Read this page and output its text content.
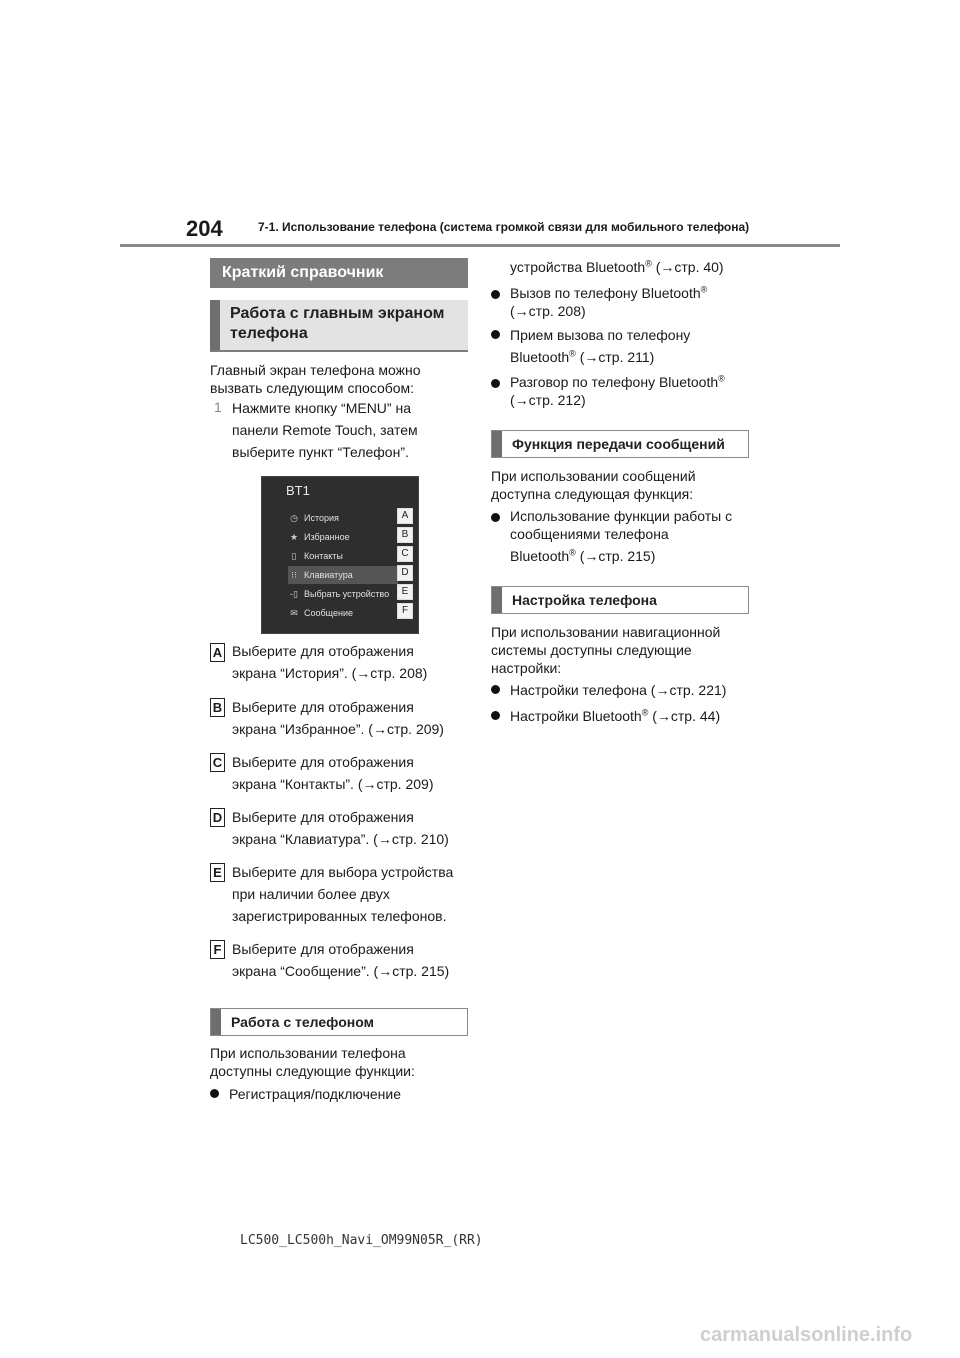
204	7-1. Использование телефона (система громкой связи для мобильного телефона)
Краткий справочник
Работа с главным экраном
телефона
Главный экран телефона можно
вызвать следующим способом:
1 Нажмите кнопку “MENU” на
панели Remote Touch, затем
выберите пункт “Телефон”.
BT1
◷ История
★ Избранное
▯ Контакты
⁝⁝ Клавиатура
-▯ Выбрать устройство
✉ Сообщение
A
B
C
D
E
F
A Выберите для отображения
экрана “История”. (→стр. 208)
B Выберите для отображения
экрана “Избранное”. (→стр. 209)
C Выберите для отображения
экрана “Контакты”. (→стр. 209)
D Выберите для отображения
экрана “Клавиатура”. (→стр. 210)
E Выберите для выбора устройства
при наличии более двух
зарегистрированных телефонов.
F Выберите для отображения
экрана “Сообщение”. (→стр. 215)
Работа с телефоном
При использовании телефона
доступны следующие функции:
Регистрация/подключение
устройства Bluetooth® (→стр. 40)
Вызов по телефону Bluetooth®
(→стр. 208)
Прием вызова по телефону
Bluetooth® (→стр. 211)
Разговор по телефону Bluetooth®
(→стр. 212)
Функция передачи сообщений
При использовании сообщений
доступна следующая функция:
Использование функции работы с
сообщениями телефона
Bluetooth® (→стр. 215)
Настройка телефона
При использовании навигационной
системы доступны следующие
настройки:
Настройки телефона (→стр. 221)
Настройки Bluetooth® (→стр. 44)
LC500_LC500h_Navi_OM99N05R_(RR)
carmanualsonline.info
